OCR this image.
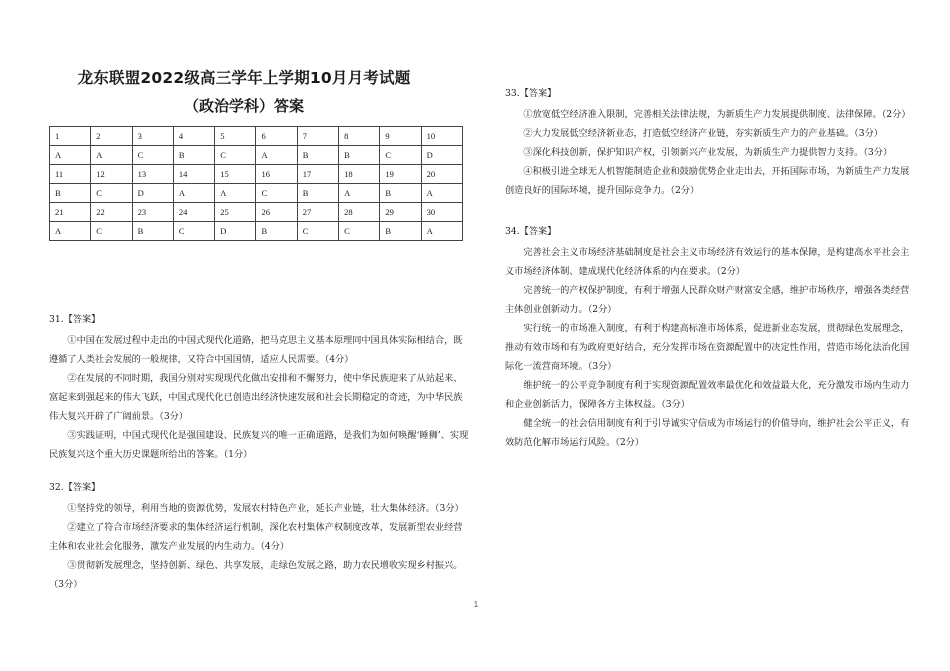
龙东联盟2022级高三学年上学期10月月考试题
（政治学科）答案
1	2	3	4	5	6	7	8	9	10
A	A	C	B	C	A	B	B	C	D
11	12	13	14	15	16	17	18	19	20
B	C	D	A	A	C	B	A	B	A
21	22	23	24	25	26	27	28	29	30
A	C	B	C	D	B	C	C	B	A

31.【答案】

①中国在发展过程中走出的中国式现代化道路，把马克思主义基本原理同中国具体实际相结合，既遵循了人类社会发展的一般规律，又符合中国国情，适应人民需要。（4分）

②在发展的不同时期，我国分别对实现现代化做出安排和不懈努力，使中华民族迎来了从站起来、富起来到强起来的伟大飞跃，中国式现代化已创造出经济快速发展和社会长期稳定的奇迹，为中华民族伟大复兴开辟了广阔前景。（3分）

③实践证明，中国式现代化是强国建设、民族复兴的唯一正确道路，是我们为如何唤醒‘睡狮’、实现民族复兴这个重大历史课题所给出的答案。（1分）

32.【答案】

①坚持党的领导，利用当地的资源优势，发展农村特色产业，延长产业链，壮大集体经济。（3分）

②建立了符合市场经济要求的集体经济运行机制，深化农村集体产权制度改革，发展新型农业经营主体和农业社会化服务，激发产业发展的内生动力。（4分）

③贯彻新发展理念，坚持创新、绿色、共享发展，走绿色发展之路，助力农民增收实现乡村振兴。（3分）

33.【答案】

①放宽低空经济准入限制，完善相关法律法规，为新质生产力发展提供制度、法律保障。（2分）

②大力发展低空经济新业态，打造低空经济产业链，夯实新质生产力的产业基础。（3分）

③深化科技创新，保护知识产权，引领新兴产业发展，为新质生产力提供智力支持。（3分）

④积极引进全球无人机智能制造企业和鼓励优势企业走出去，开拓国际市场，为新质生产力发展创造良好的国际环境，提升国际竞争力。（2分）

34.【答案】

完善社会主义市场经济基础制度是社会主义市场经济有效运行的基本保障，是构建高水平社会主义市场经济体制、建成现代化经济体系的内在要求。（2分）

完善统一的产权保护制度，有利于增强人民群众财产财富安全感，维护市场秩序，增强各类经营主体创业创新动力。（2分）

实行统一的市场准入制度，有利于构建高标准市场体系，促进新业态发展，贯彻绿色发展理念，推动有效市场和有为政府更好结合，充分发挥市场在资源配置中的决定性作用，营造市场化法治化国际化一流营商环境。（3分）

维护统一的公平竞争制度有利于实现资源配置效率最优化和效益最大化，充分激发市场内生动力和企业创新活力，保障各方主体权益。（3分）

健全统一的社会信用制度有利于引导诚实守信成为市场运行的价值导向，维护社会公平正义，有效防范化解市场运行风险。（2分）

1
